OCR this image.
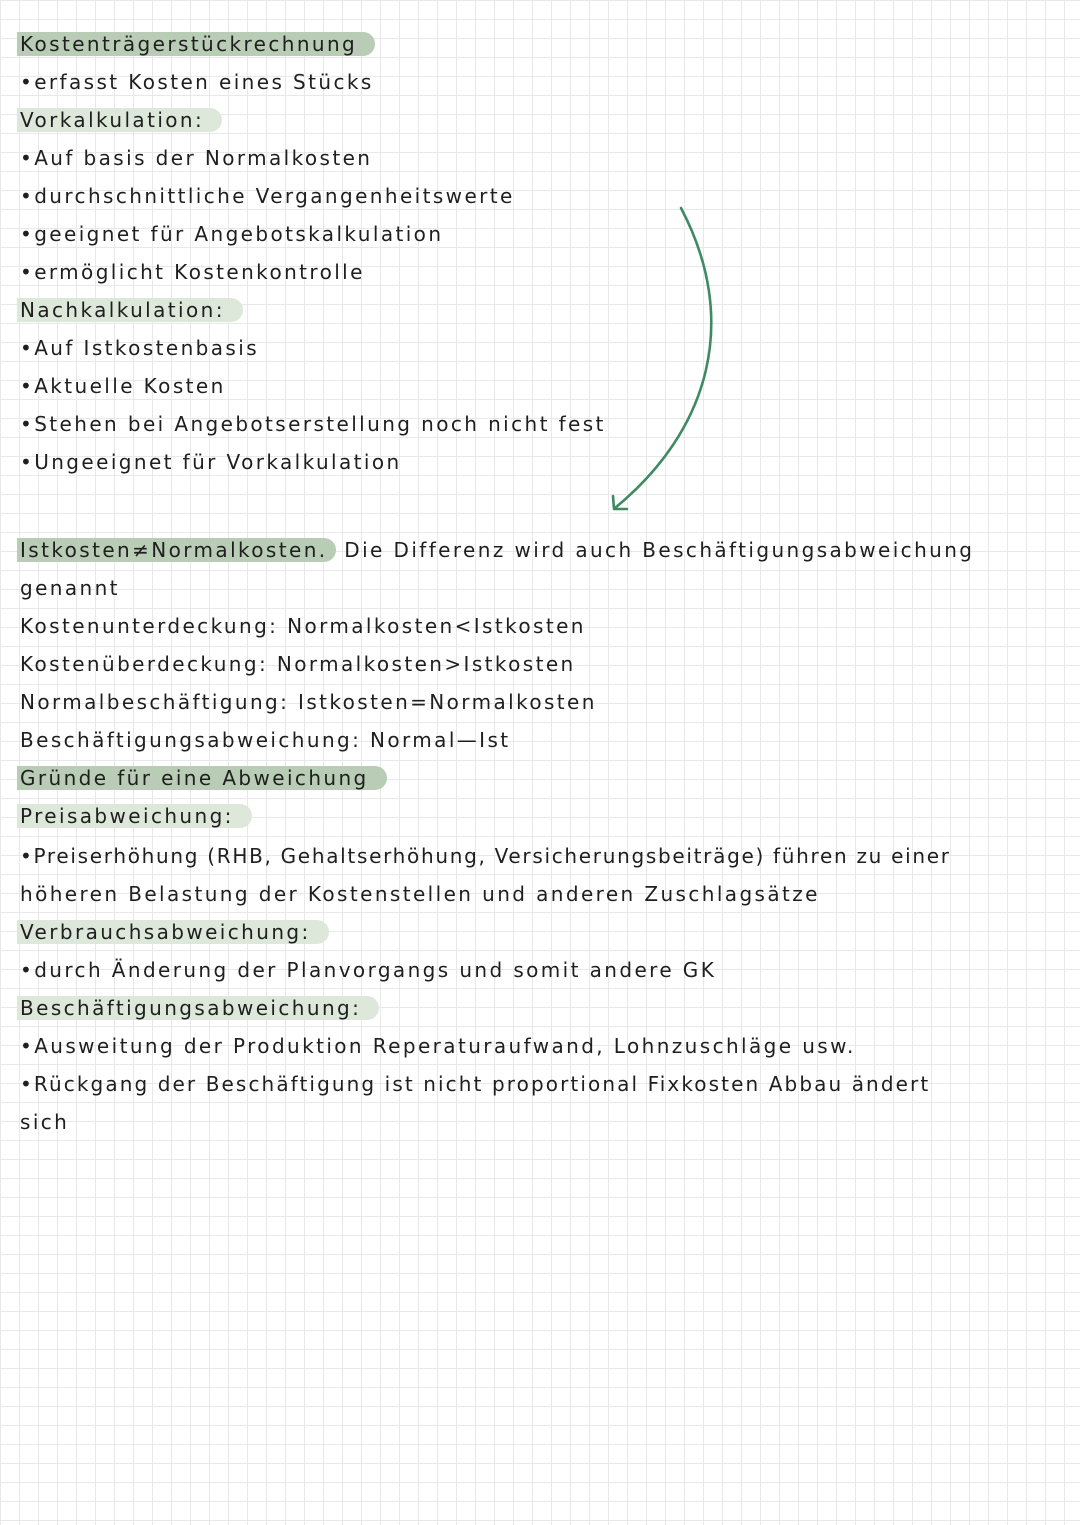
Kostenträgerstückrechnung
•erfasst Kosten eines Stücks
Vorkalkulation:
•Auf basis der Normalkosten
•durchschnittliche Vergangenheitswerte
•geeignet für Angebotskalkulation
•ermöglicht Kostenkontrolle
Nachkalkulation:
•Auf Istkostenbasis
•Aktuelle Kosten
•Stehen bei Angebotserstellung noch nicht fest
•Ungeeignet für Vorkalkulation
Istkosten≠Normalkosten. Die Differenz wird auch Beschäftigungsabweichung
genannt
Kostenunterdeckung: Normalkosten<Istkosten
Kostenüberdeckung: Normalkosten>Istkosten
Normalbeschäftigung: Istkosten=Normalkosten
Beschäftigungsabweichung: Normal—Ist
Gründe für eine Abweichung
Preisabweichung:
•Preiserhöhung (RHB, Gehaltserhöhung, Versicherungsbeiträge) führen zu einer
höheren Belastung der Kostenstellen und anderen Zuschlagsätze
Verbrauchsabweichung:
•durch Änderung der Planvorgangs und somit andere GK
Beschäftigungsabweichung:
•Ausweitung der Produktion Reperaturaufwand, Lohnzuschläge usw.
•Rückgang der Beschäftigung ist nicht proportional Fixkosten Abbau ändert
sich
